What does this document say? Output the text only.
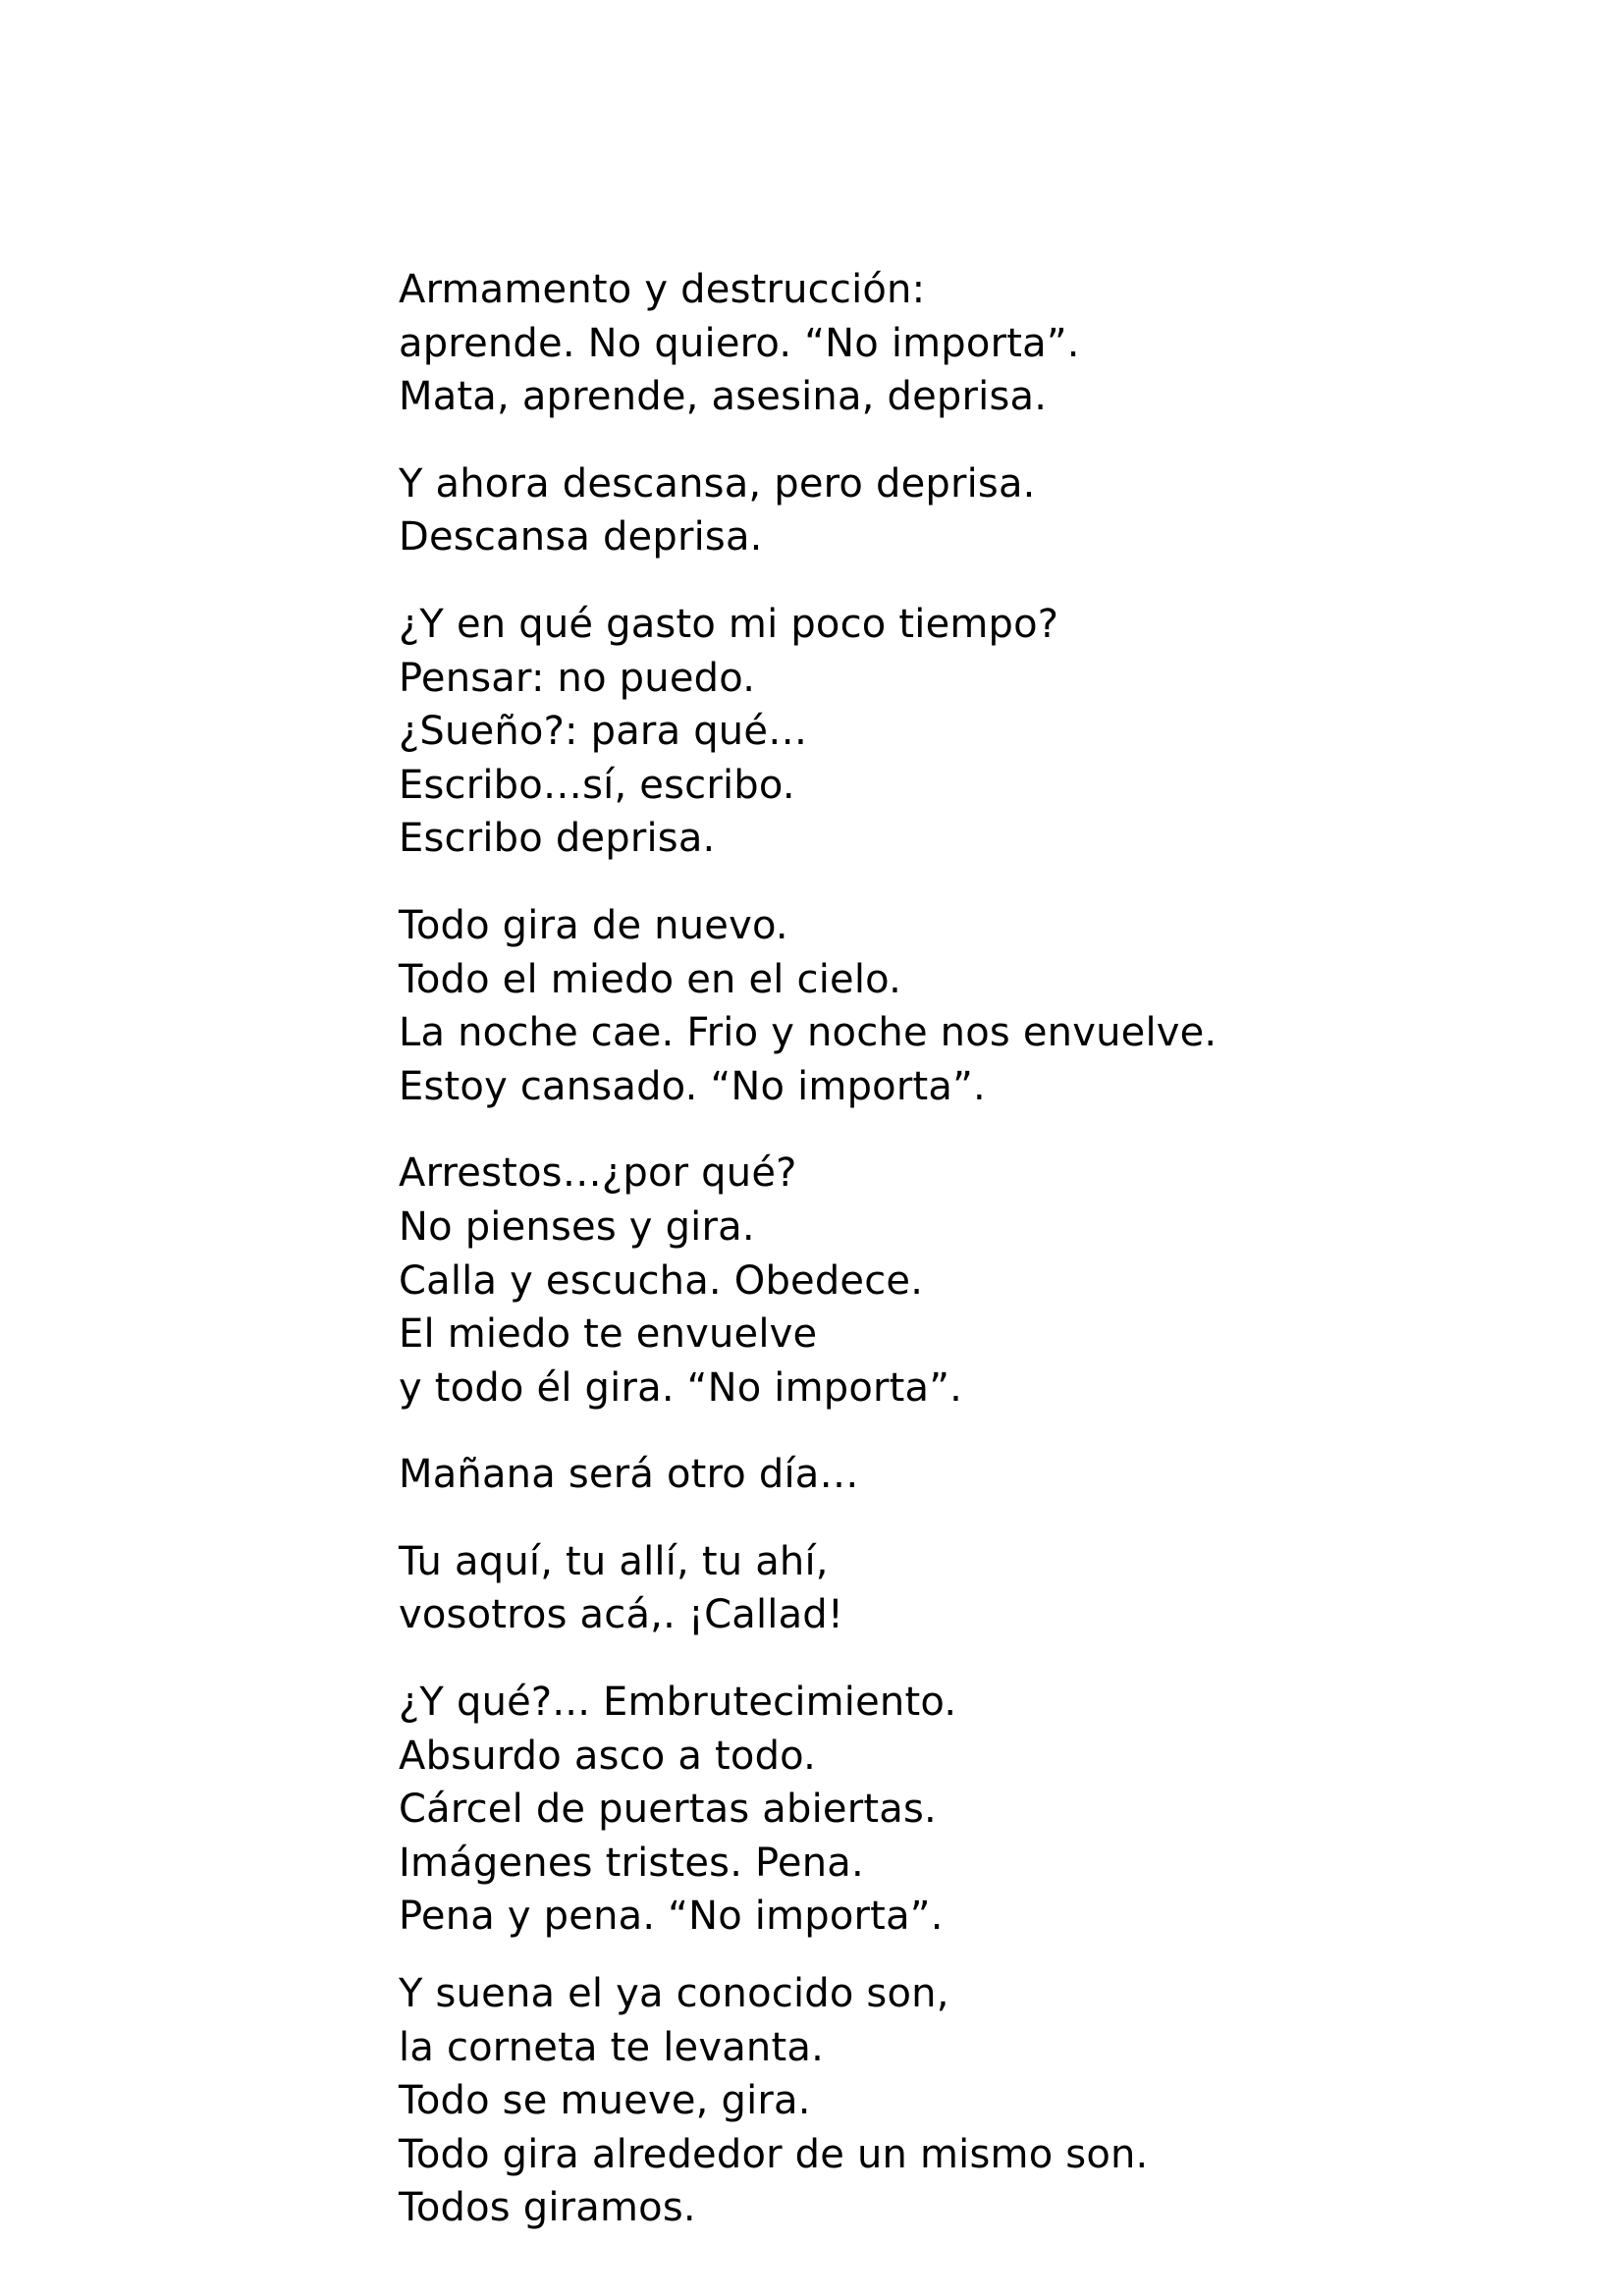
Armamento y destrucción:
aprende. No quiero. “No importa”.
Mata, aprende, asesina, deprisa.
Y ahora descansa, pero deprisa.
Descansa deprisa.
¿Y en qué gasto mi poco tiempo?
Pensar: no puedo.
¿Sueño?: para qué…
Escribo…sí, escribo.
Escribo deprisa.
Todo gira de nuevo.
Todo el miedo en el cielo.
La noche cae. Frio y noche nos envuelve.
Estoy cansado. “No importa”.
Arrestos…¿por qué?
No pienses y gira.
Calla y escucha. Obedece.
El miedo te envuelve
y todo él gira. “No importa”.
Mañana será otro día…
Tu aquí, tu allí, tu ahí,
vosotros acá,. ¡Callad!
¿Y qué?... Embrutecimiento.
Absurdo asco a todo.
Cárcel de puertas abiertas.
Imágenes tristes. Pena.
Pena y pena. “No importa”.
Y suena el ya conocido son,
la corneta te levanta.
Todo se mueve, gira.
Todo gira alrededor de un mismo son.
Todos giramos.
